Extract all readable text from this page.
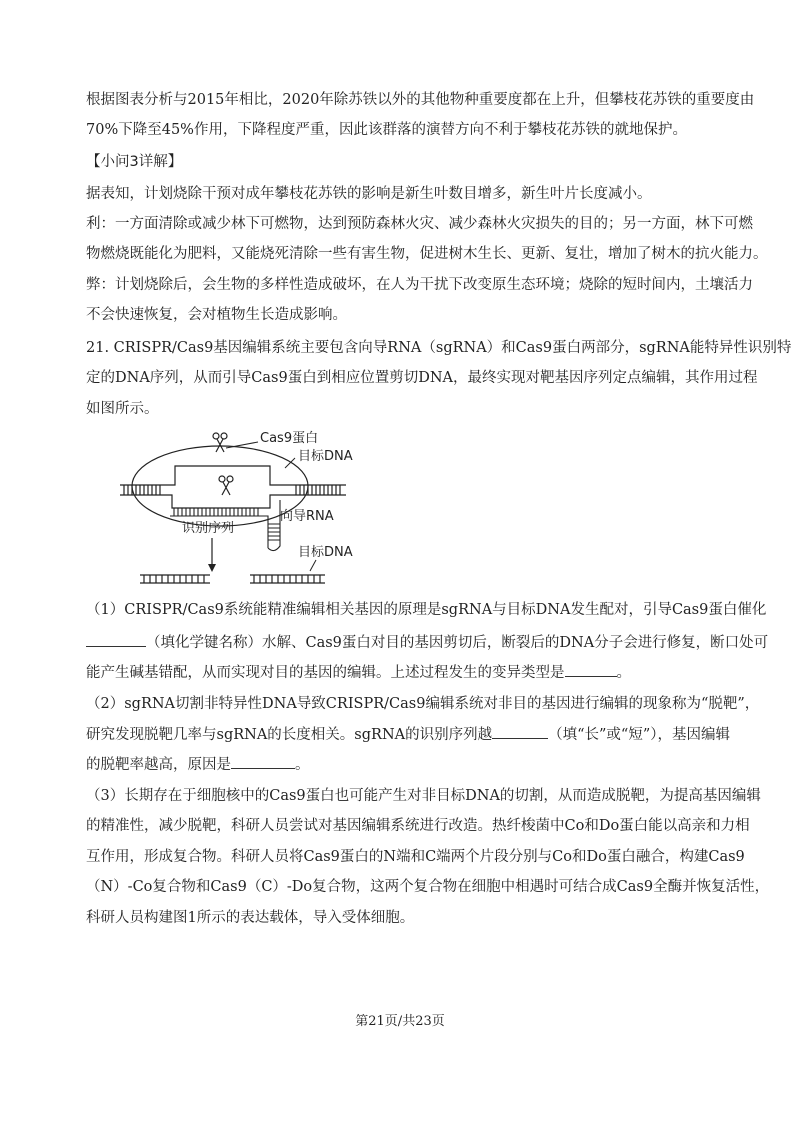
根据图表分析与2015年相比，2020年除苏铁以外的其他物种重要度都在上升，但攀枝花苏铁的重要度由
70%下降至45%作用，下降程度严重，因此该群落的演替方向不利于攀枝花苏铁的就地保护。
【小问3详解】
据表知，计划烧除干预对成年攀枝花苏铁的影响是新生叶数目增多，新生叶片长度减小。
利：一方面清除或减少林下可燃物，达到预防森林火灾、减少森林火灾损失的目的；另一方面，林下可燃
物燃烧既能化为肥料，又能烧死清除一些有害生物，促进树木生长、更新、复壮，增加了树木的抗火能力。
弊：计划烧除后，会生物的多样性造成破坏，在人为干扰下改变原生态环境；烧除的短时间内，土壤活力
不会快速恢复，会对植物生长造成影响。
21. CRISPR/Cas9基因编辑系统主要包含向导RNA（sgRNA）和Cas9蛋白两部分，sgRNA能特异性识别特
定的DNA序列，从而引导Cas9蛋白到相应位置剪切DNA，最终实现对靶基因序列定点编辑，其作用过程
如图所示。
Cas9蛋白
目标DNA
向导RNA
识别序列
目标DNA
（1）CRISPR/Cas9系统能精准编辑相关基因的原理是sgRNA与目标DNA发生配对，引导Cas9蛋白催化
（填化学键名称）水解、Cas9蛋白对目的基因剪切后，断裂后的DNA分子会进行修复，断口处可
能产生碱基错配，从而实现对目的基因的编辑。上述过程发生的变异类型是	。
（2）sgRNA切割非特异性DNA导致CRISPR/Cas9编辑系统对非目的基因进行编辑的现象称为“脱靶”，
研究发现脱靶几率与sgRNA的长度相关。sgRNA的识别序列越	（填“长”或“短”），基因编辑
的脱靶率越高，原因是	。
（3）长期存在于细胞核中的Cas9蛋白也可能产生对非目标DNA的切割，从而造成脱靶，为提高基因编辑
的精准性，减少脱靶，科研人员尝试对基因编辑系统进行改造。热纤梭菌中Co和Do蛋白能以高亲和力相
互作用，形成复合物。科研人员将Cas9蛋白的N端和C端两个片段分别与Co和Do蛋白融合，构建Cas9
（N）-Co复合物和Cas9（C）-Do复合物，这两个复合物在细胞中相遇时可结合成Cas9全酶并恢复活性，
科研人员构建图1所示的表达载体，导入受体细胞。
第21页/共23页
